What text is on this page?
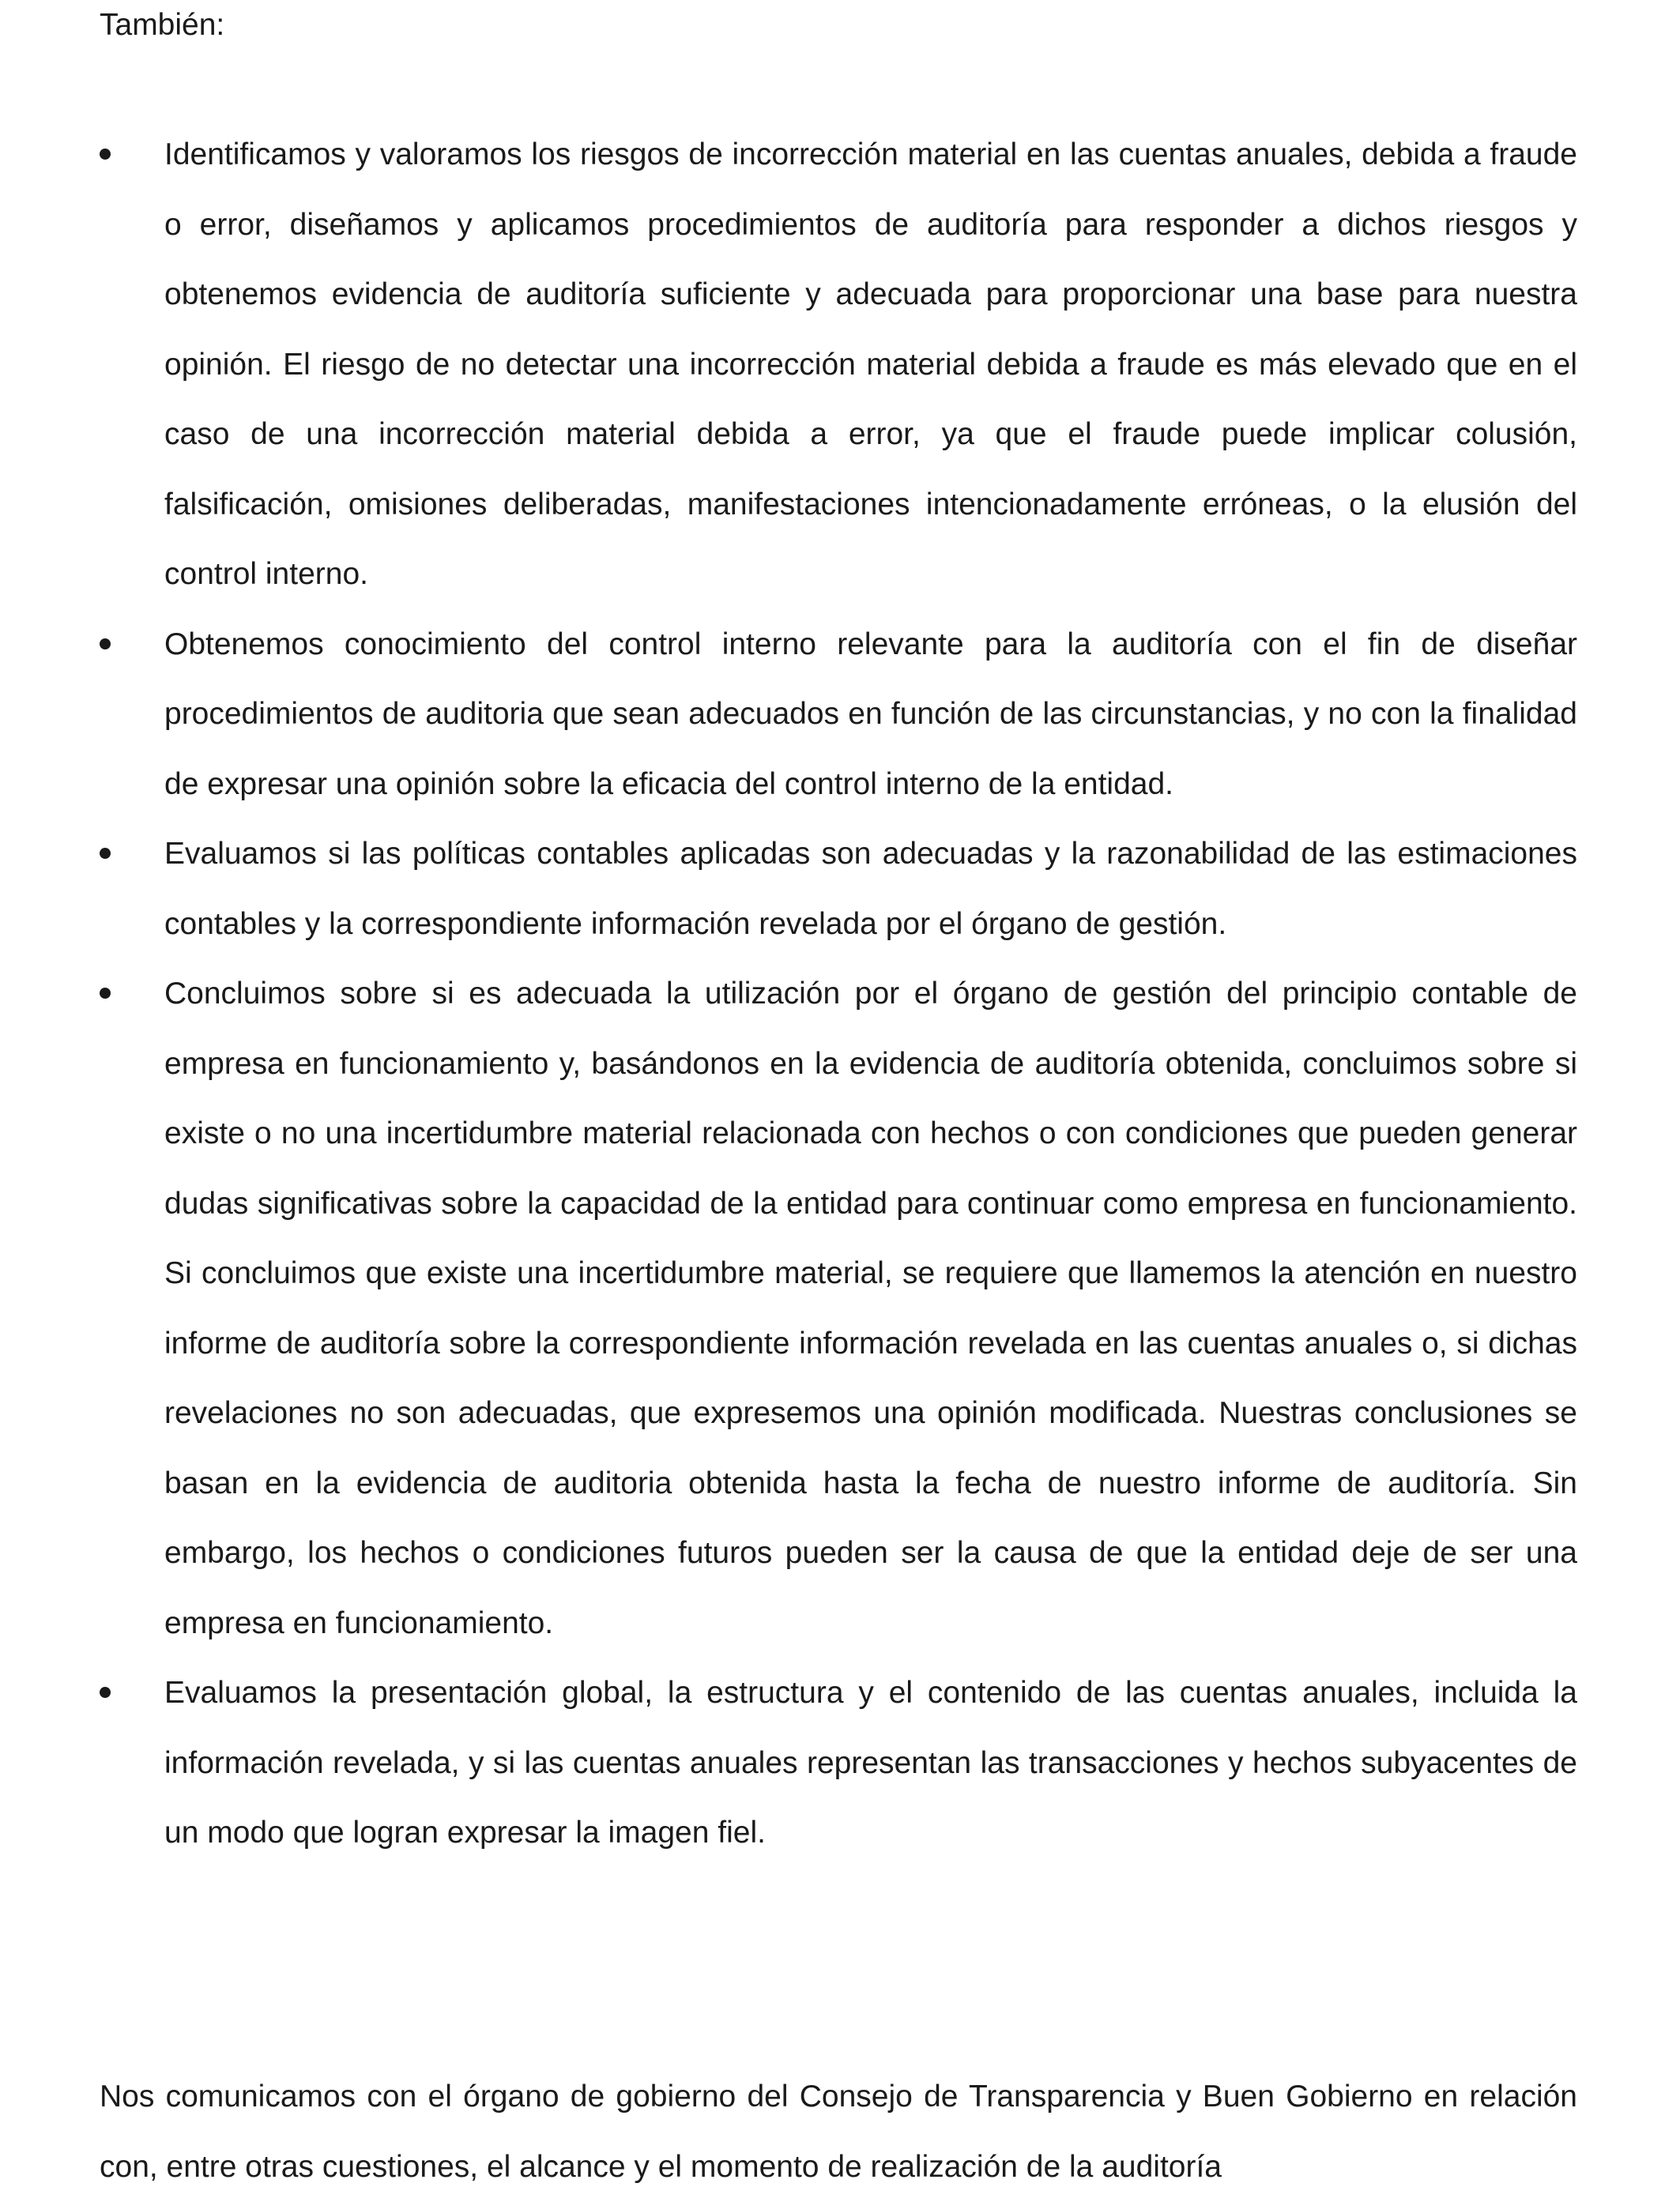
También:

Identificamos y valoramos los riesgos de incorrección material en las cuentas anuales, debida a fraude o error, diseñamos y aplicamos procedimientos de auditoría para responder a dichos riesgos y obtenemos evidencia de auditoría suficiente y adecuada para proporcionar una base para nuestra opinión. El riesgo de no detectar una incorrección material debida a fraude es más elevado que en el caso de una incorrección material debida a error, ya que el fraude puede implicar colusión, falsificación, omisiones deliberadas, manifestaciones intencionadamente erróneas, o la elusión del control interno.
Obtenemos conocimiento del control interno relevante para la auditoría con el fin de diseñar procedimientos de auditoria que sean adecuados en función de las circunstancias, y no con la finalidad de expresar una opinión sobre la eficacia del control interno de la entidad.
Evaluamos si las políticas contables aplicadas son adecuadas y la razonabilidad de las estimaciones contables y la correspondiente información revelada por el órgano de gestión.
Concluimos sobre si es adecuada la utilización por el órgano de gestión del principio contable de empresa en funcionamiento y, basándonos en la evidencia de auditoría obtenida, concluimos sobre si existe o no una incertidumbre material relacionada con hechos o con condiciones que pueden generar dudas significativas sobre la capacidad de la entidad para continuar como empresa en funcionamiento. Si concluimos que existe una incertidumbre material, se requiere que llamemos la atención en nuestro informe de auditoría sobre la correspondiente información revelada en las cuentas anuales o, si dichas revelaciones no son adecuadas, que expresemos una opinión modificada. Nuestras conclusiones se basan en la evidencia de auditoria obtenida hasta la fecha de nuestro informe de auditoría. Sin embargo, los hechos o condiciones futuros pueden ser la causa de que la entidad deje de ser una empresa en funcionamiento.
Evaluamos la presentación global, la estructura y el contenido de las cuentas anuales, incluida la información revelada, y si las cuentas anuales representan las transacciones y hechos subyacentes de un modo que logran expresar la imagen fiel.

Nos comunicamos con el órgano de gobierno del Consejo de Transparencia y Buen Gobierno en relación con, entre otras cuestiones, el alcance y el momento de realización de la auditoría
